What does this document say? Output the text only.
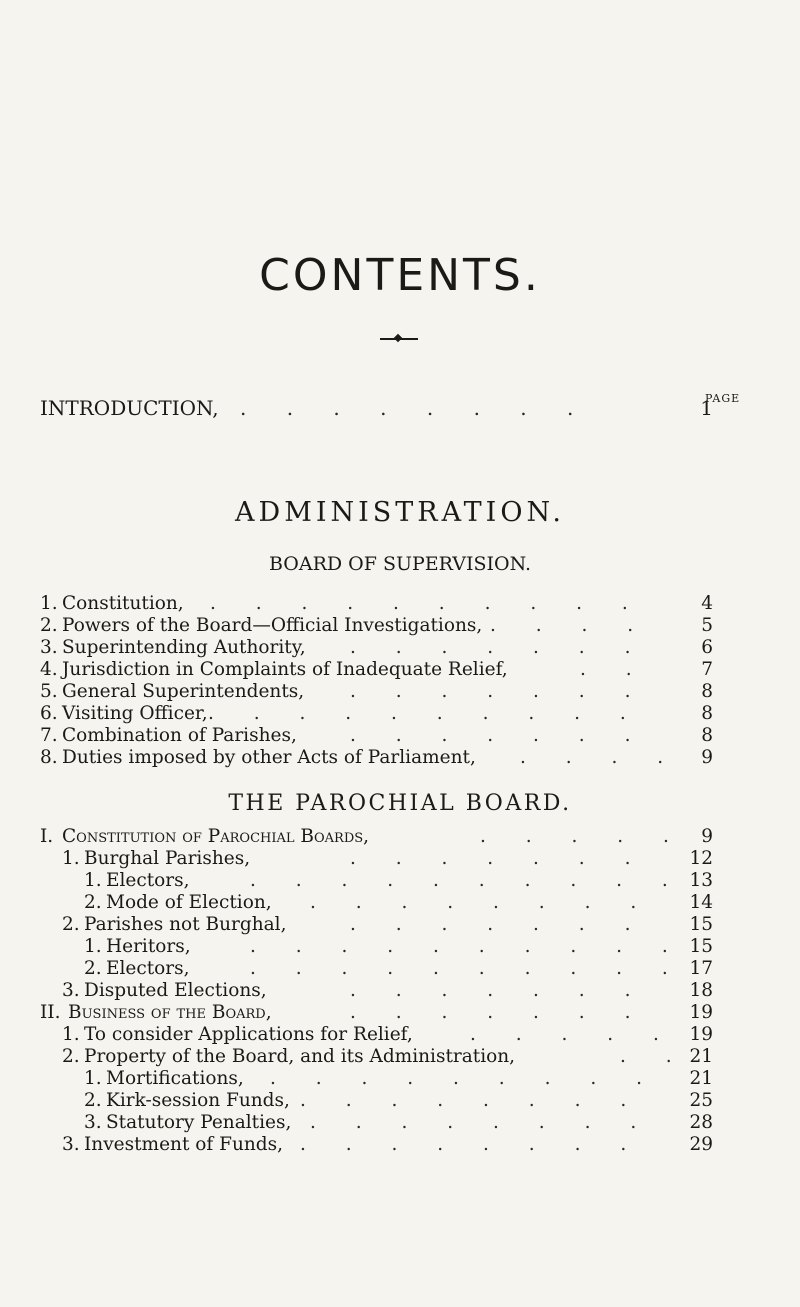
CONTENTS.
PAGE
INTRODUCTION, . . . . . . . .	1
ADMINISTRATION.
BOARD OF SUPERVISION.
1. Constitution, . . . . . . . . . .	4
2. Powers of the Board—Official Investigations, . . . .	5
3. Superintending Authority, . . . . . . .	6
4. Jurisdiction in Complaints of Inadequate Relief,	. .	7
5. General Superintendents, . . . . . . .	8
6. Visiting Officer, . . . . . . . . . .	8
7. Combination of Parishes,	. . . . . . .	8
8. Duties imposed by other Acts of Parliament, . . . . 9
THE PAROCHIAL BOARD.
I. Constitution of Parochial Boards,	. . . . . 9
1. Burghal Parishes,	. . . . . . . 12
1. Electors,	. . . . . . . . . . 13
2. Mode of Election, . . . . . . . . 14
2. Parishes not Burghal,	. . . . . . . 15
1. Heritors,	. . . . . . . . . . 15
2. Electors,	. . . . . . . . . . 17
3. Disputed Elections,	. . . . . . . 18
II. Business of the Board,	. . . . . . . 19
1. To consider Applications for Relief,	. . . . . 19
2. Property of the Board, and its Administration,	. . 21
1. Mortifications, . . . . . . . . . 21
2. Kirk-session Funds, . . . . . . . . 25
3. Statutory Penalties, . . . . . . . . 28
3. Investment of Funds, . . . . . . . . 29
